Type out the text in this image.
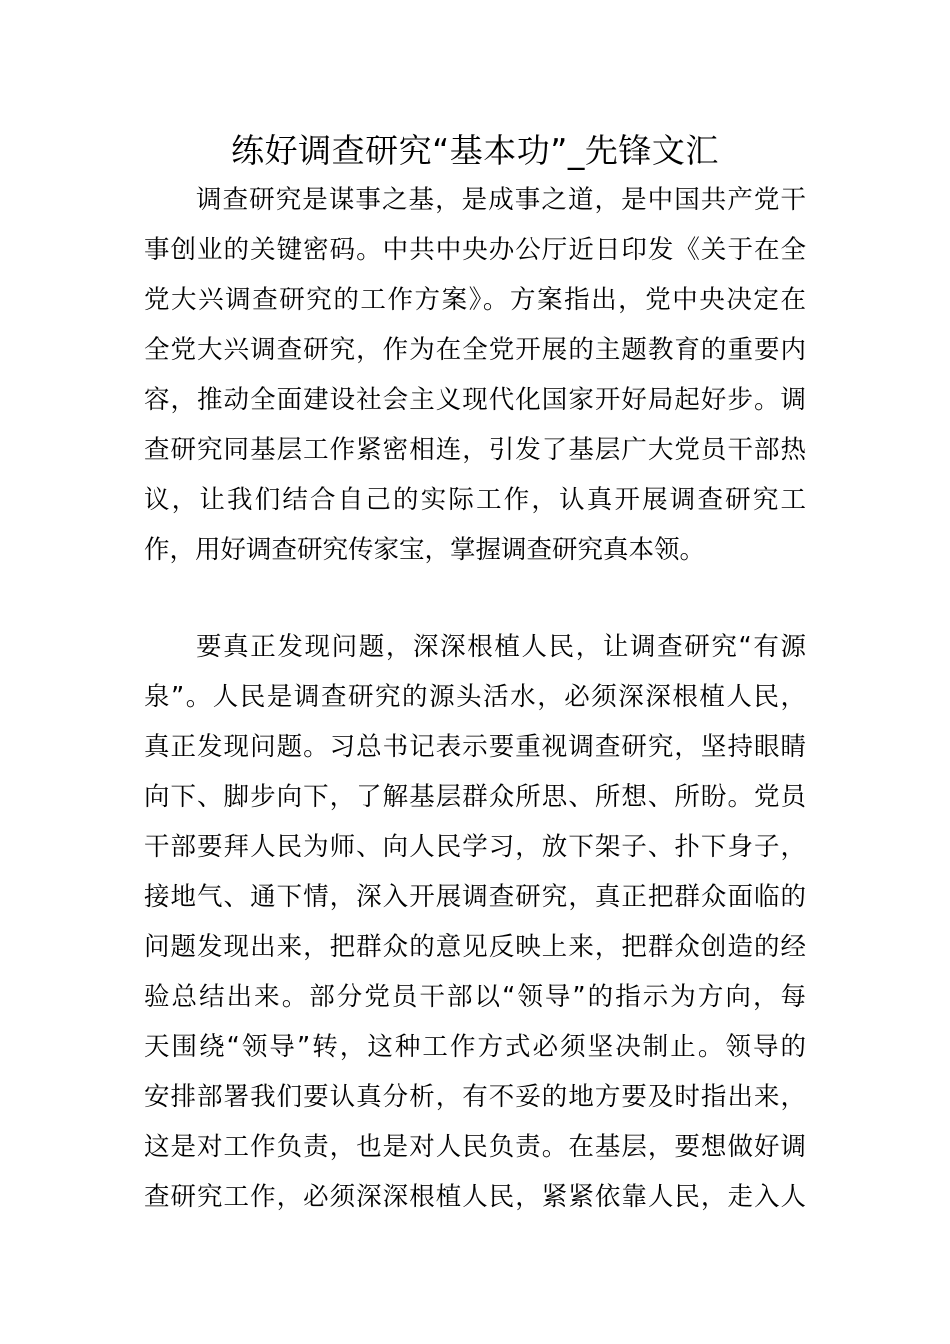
练好调查研究“基本功”_先锋文汇
调查研究是谋事之基，是成事之道，是中国共产党干
事创业的关键密码。中共中央办公厅近日印发《关于在全
党大兴调查研究的工作方案》。方案指出，党中央决定在
全党大兴调查研究，作为在全党开展的主题教育的重要内
容，推动全面建设社会主义现代化国家开好局起好步。调
查研究同基层工作紧密相连，引发了基层广大党员干部热
议，让我们结合自己的实际工作，认真开展调查研究工
作，用好调查研究传家宝，掌握调查研究真本领。
要真正发现问题，深深根植人民，让调查研究“有源
泉”。人民是调查研究的源头活水，必须深深根植人民，
真正发现问题。习总书记表示要重视调查研究，坚持眼睛
向下、脚步向下，了解基层群众所思、所想、所盼。党员
干部要拜人民为师、向人民学习，放下架子、扑下身子，
接地气、通下情，深入开展调查研究，真正把群众面临的
问题发现出来，把群众的意见反映上来，把群众创造的经
验总结出来。部分党员干部以“领导”的指示为方向，每
天围绕“领导”转，这种工作方式必须坚决制止。领导的
安排部署我们要认真分析，有不妥的地方要及时指出来，
这是对工作负责，也是对人民负责。在基层，要想做好调
查研究工作，必须深深根植人民，紧紧依靠人民，走入人
